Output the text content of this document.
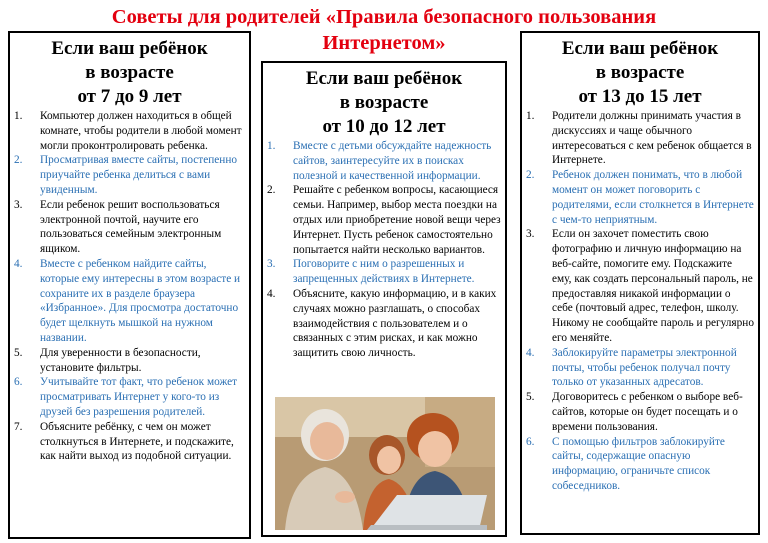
Советы для родителей «Правила безопасного пользования
Интернетом»
Если ваш ребёнок
в возрасте
от 7 до 9 лет
1. Компьютер должен находиться в общей комнате, чтобы родители в любой момент могли проконтролировать ребенка.
2. Просматривая вместе сайты, постепенно приучайте ребенка делиться с вами увиденным.
3. Если ребенок решит воспользоваться электронной почтой, научите его пользоваться семейным электронным ящиком.
4. Вместе с ребенком найдите сайты, которые ему интересны в этом возрасте и сохраните их в разделе браузера «Избранное». Для просмотра достаточно будет щелкнуть мышкой на нужном названии.
5. Для уверенности в безопасности, установите фильтры.
6. Учитывайте тот факт, что ребенок может просматривать Интернет у кого-то из друзей без разрешения родителей.
7. Объясните ребёнку, с чем он может столкнуться в Интернете, и подскажите, как найти выход из подобной ситуации.
Если ваш ребёнок
в возрасте
от 10 до 12 лет
1. Вместе с детьми обсуждайте надежность сайтов, заинтересуйте их в поисках полезной и качественной информации.
2. Решайте с ребенком вопросы, касающиеся семьи. Например, выбор места поездки на отдых или приобретение новой вещи через Интернет. Пусть ребенок самостоятельно попытается найти несколько вариантов.
3. Поговорите с ним о разрешенных и запрещенных действиях в Интернете.
4. Объясните, какую информацию, и в каких случаях можно разглашать, о способах взаимодействия с пользователем и о связанных с этим рисках, и как можно защитить свою личность.
Если ваш ребёнок
в возрасте
от 13 до 15 лет
1. Родители должны принимать участия в дискуссиях и чаще обычного интересоваться с кем ребенок общается в Интернете.
2. Ребенок должен понимать, что в любой момент он может поговорить с родителями, если столкнется в Интернете с чем-то неприятным.
3. Если он захочет поместить свою фотографию и личную информацию на веб-сайте, помогите ему. Подскажите ему, как создать персональный пароль, не предоставляя никакой информации о себе (почтовый адрес, телефон, школу. Никому не сообщайте пароль и регулярно его меняйте.
4. Заблокируйте параметры электронной почты, чтобы ребенок получал почту только от указанных адресатов.
5. Договоритесь с ребенком о выборе веб-сайтов, которые он будет посещать и о времени пользования.
6. С помощью фильтров заблокируйте сайты, содержащие опасную информацию, ограничьте список собеседников.
